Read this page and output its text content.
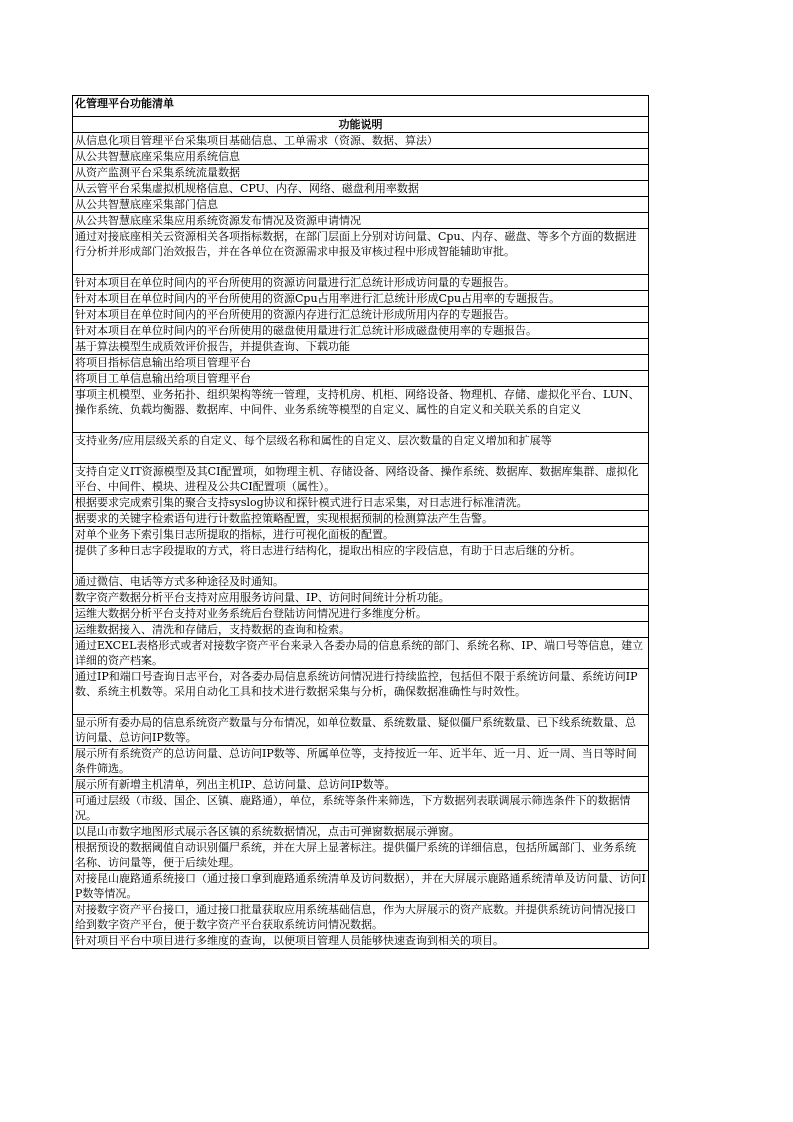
化管理平台功能清单
功能说明
从信息化项目管理平台采集项目基础信息、工单需求（资源、数据、算法）
从公共智慧底座采集应用系统信息
从资产监测平台采集系统流量数据
从云管平台采集虚拟机规格信息、CPU、内存、网络、磁盘利用率数据
从公共智慧底座采集部门信息
从公共智慧底座采集应用系统资源发布情况及资源申请情况
通过对接底座相关云资源相关各项指标数据，在部门层面上分别对访问量、Cpu、内存、磁盘、等多个方面的数据进行分析并形成部门治效报告，并在各单位在资源需求申报及审核过程中形成智能辅助审批。
针对本项目在单位时间内的平台所使用的资源访问量进行汇总统计形成访问量的专题报告。
针对本项目在单位时间内的平台所使用的资源Cpu占用率进行汇总统计形成Cpu占用率的专题报告。
针对本项目在单位时间内的平台所使用的资源内存进行汇总统计形成所用内存的专题报告。
针对本项目在单位时间内的平台所使用的磁盘使用量进行汇总统计形成磁盘使用率的专题报告。
基于算法模型生成质效评价报告，并提供查询、下载功能
将项目指标信息输出给项目管理平台
将项目工单信息输出给项目管理平台
事项主机模型、业务拓扑、组织架构等统一管理，支持机房、机柜、网络设备、物理机、存储、虚拟化平台、LUN、操作系统、负载均衡器、数据库、中间件、业务系统等模型的自定义、属性的自定义和关联关系的自定义
支持业务/应用层级关系的自定义、每个层级名称和属性的自定义、层次数量的自定义增加和扩展等
支持自定义IT资源模型及其CI配置项，如物理主机、存储设备、网络设备、操作系统、数据库、数据库集群、虚拟化平台、中间件、模块、进程及公共CI配置项（属性）。
根据要求完成索引集的聚合支持syslog协议和探针模式进行日志采集，对日志进行标准清洗。
据要求的关键字检索语句进行计数监控策略配置，实现根据预制的检测算法产生告警。
对单个业务下索引集日志所提取的指标，进行可视化面板的配置。
提供了多种日志字段提取的方式，将日志进行结构化，提取出相应的字段信息，有助于日志后继的分析。
通过微信、电话等方式多种途径及时通知。
数字资产数据分析平台支持对应用服务访问量、IP、访问时间统计分析功能。
运维大数据分析平台支持对业务系统后台登陆访问情况进行多维度分析。
运维数据接入、清洗和存储后，支持数据的查询和检索。
通过EXCEL表格形式或者对接数字资产平台来录入各委办局的信息系统的部门、系统名称、IP、端口号等信息，建立详细的资产档案。
通过IP和端口号查询日志平台，对各委办局信息系统访问情况进行持续监控，包括但不限于系统访问量、系统访问IP数、系统主机数等。采用自动化工具和技术进行数据采集与分析，确保数据准确性与时效性。
显示所有委办局的信息系统资产数量与分布情况，如单位数量、系统数量、疑似僵尸系统数量、已下线系统数量、总访问量、总访问IP数等。
展示所有系统资产的总访问量、总访问IP数等、所属单位等，支持按近一年、近半年、近一月、近一周、当日等时间条件筛选。
展示所有新增主机清单，列出主机IP、总访问量、总访问IP数等。
可通过层级（市级、国企、区镇、鹿路通），单位，系统等条件来筛选，下方数据列表联调展示筛选条件下的数据情况。
以昆山市数字地图形式展示各区镇的系统数据情况，点击可弹窗数据展示弹窗。
根据预设的数据阈值自动识别僵尸系统，并在大屏上显著标注。提供僵尸系统的详细信息，包括所属部门、业务系统名称、访问量等，便于后续处理。
对接昆山鹿路通系统接口（通过接口拿到鹿路通系统清单及访问数据），并在大屏展示鹿路通系统清单及访问量、访问IP数等情况。
对接数字资产平台接口，通过接口批量获取应用系统基础信息，作为大屏展示的资产底数。并提供系统访问情况接口给到数字资产平台，便于数字资产平台获取系统访问情况数据。
针对项目平台中项目进行多维度的查询，以便项目管理人员能够快速查询到相关的项目。
